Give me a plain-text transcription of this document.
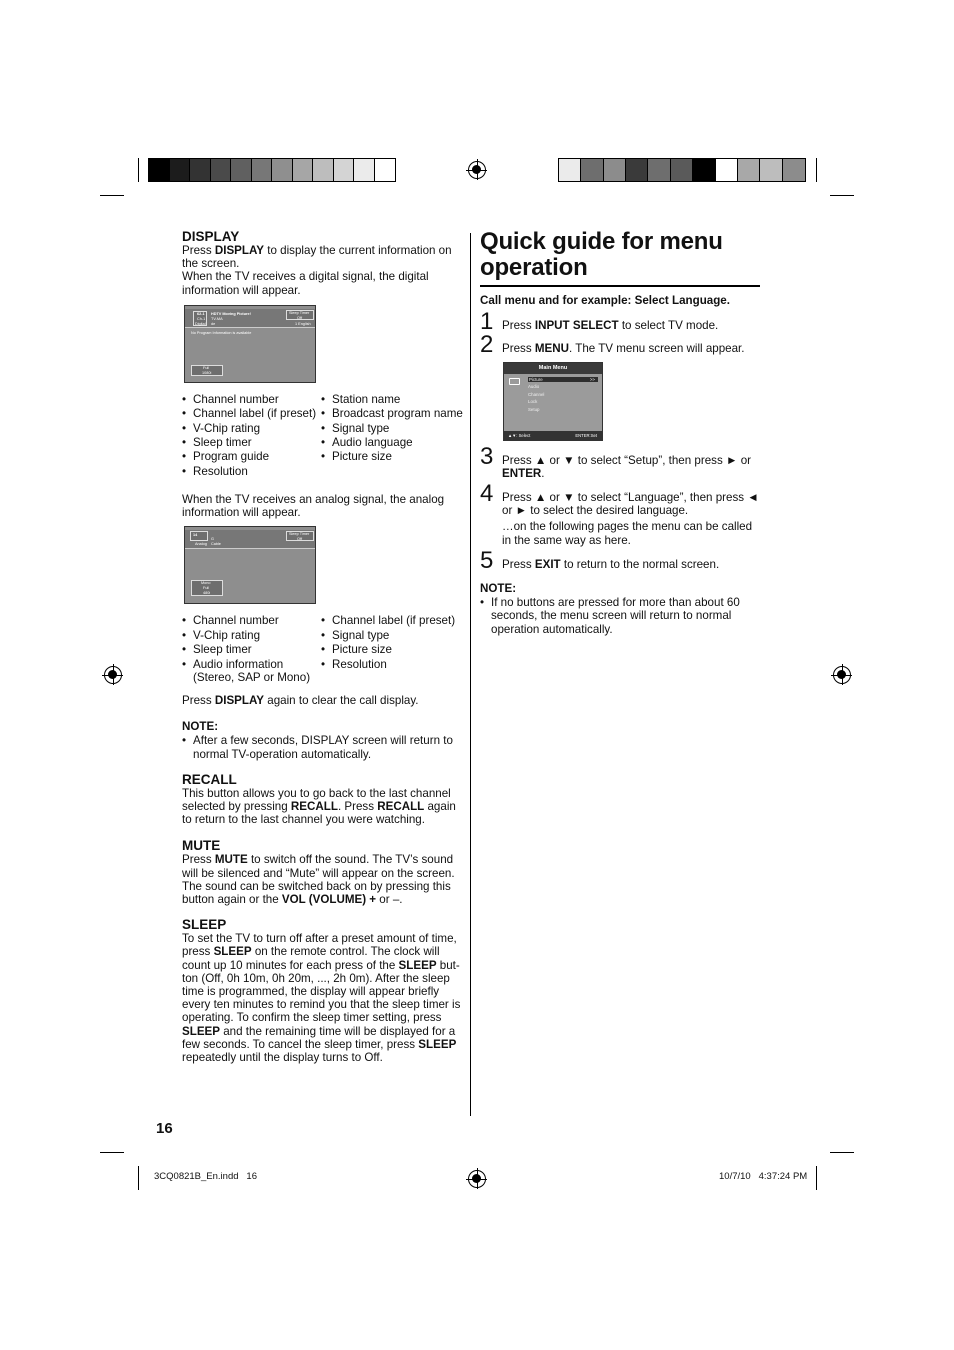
DISPLAY

Press DISPLAY to display the current information on the screen.

When the TV receives a digital signal, the digital information will appear.

62-1
Ch-1
Digital
HDTV Moving Picture!
TV-MA
de
Sleep Timer
Off
1 English
No Program Information is available
Full
1080i
• Channel number	• Station name
• Channel label (if preset)	• Broadcast program name
• V-Chip rating	• Signal type
• Sleep timer	• Audio language
• Program guide	• Picture size
• Resolution

When the TV receives an analog signal, the analog information will appear.

14
G
Analog Cable
Sleep Timer
Off
Mono
Full
480i
• Channel number	• Channel label (if preset)
• V-Chip rating	• Signal type
• Sleep timer	• Picture size
• Audio information (Stereo, SAP or Mono)
• Resolution

Press DISPLAY again to clear the call display.

NOTE:

• After a few seconds, DISPLAY screen will return to normal TV-operation automatically.

RECALL

This button allows you to go back to the last channel selected by pressing RECALL. Press RECALL again to return to the last channel you were watching.

MUTE

Press MUTE to switch off the sound. The TV’s sound will be silenced and “Mute” will appear on the screen. The sound can be switched back on by pressing this button again or the VOL (VOLUME) + or –.

SLEEP

To set the TV to turn off after a preset amount of time, press SLEEP on the remote control. The clock will count up 10 minutes for each press of the SLEEP but-ton (Off, 0h 10m, 0h 20m, ..., 2h 0m). After the sleep time is programmed, the display will appear briefly every ten minutes to remind you that the sleep timer is operating. To confirm the sleep timer setting, press SLEEP and the remaining time will be displayed for a few seconds. To cancel the sleep timer, press SLEEP repeatedly until the display turns to Off.

Quick guide for menu operation

Call menu and for example: Select Language.

1 Press INPUT SELECT to select TV mode.
2 Press MENU. The TV menu screen will appear.
Main Menu
Picture	>>
Audio
Channel
Lock
Setup
▲▼: Select	ENTER:Set
3 Press ▲ or ▼ to select “Setup”, then press ► or ENTER.
4 Press ▲ or ▼ to select “Language”, then press ◄ or ► to select the desired language.

…on the following pages the menu can be called in the same way as here.

5 Press EXIT to return to the normal screen.

NOTE:

• If no buttons are pressed for more than about 60 seconds, the menu screen will return to normal operation automatically.

16
3CQ0821B_En.indd   16	10/7/10   4:37:24 PM
